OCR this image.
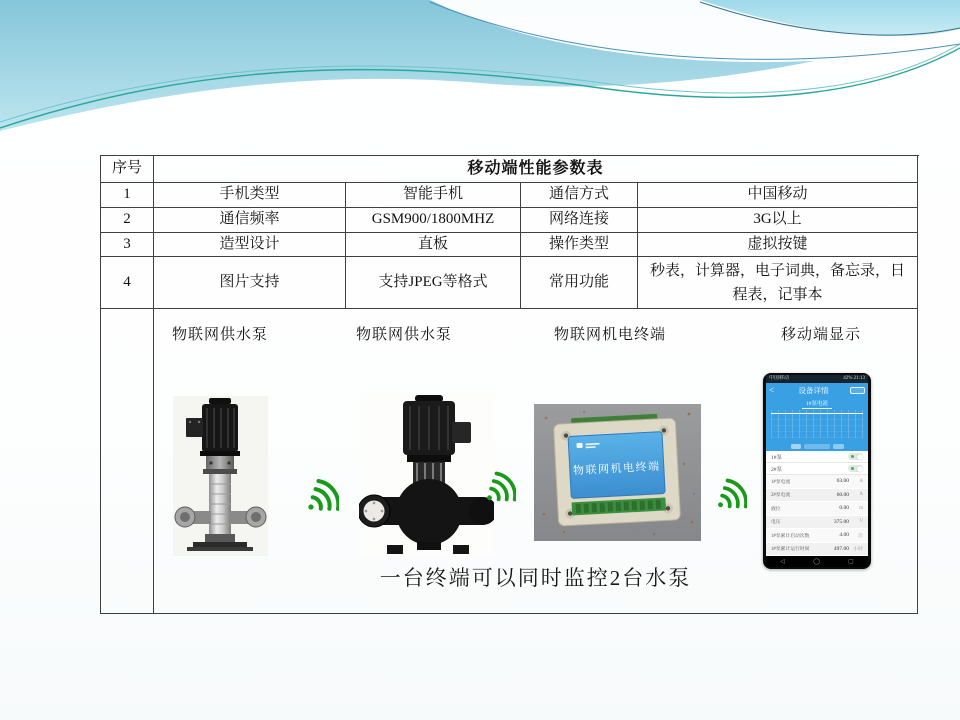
序号	移动端性能参数表
1	手机类型	智能手机	通信方式	中国移动
2	通信频率	GSM900/1800MHZ	网络连接	3G以上
3	造型设计	直板	操作类型	虚拟按键
4	图片支持	支持JPEG等格式	常用功能
秒表，计算器，电子词典，备忘录，日程表，记事本
物联网供水泵	物联网供水泵	物联网机电终端	移动端显示
物联网机电终端
中国移动	42% 21:13
<	设备详情
1#泵电流
1#泵
2#泵
1#泵电流	63.00	A
2#泵电流	60.00	A
液位	0.00	m
电压	375.00	V
1#泵累计启动次数	4.00	次
1#泵累计运行时间	497.00 小时
◁	◯	▢
一台终端可以同时监控2台水泵
